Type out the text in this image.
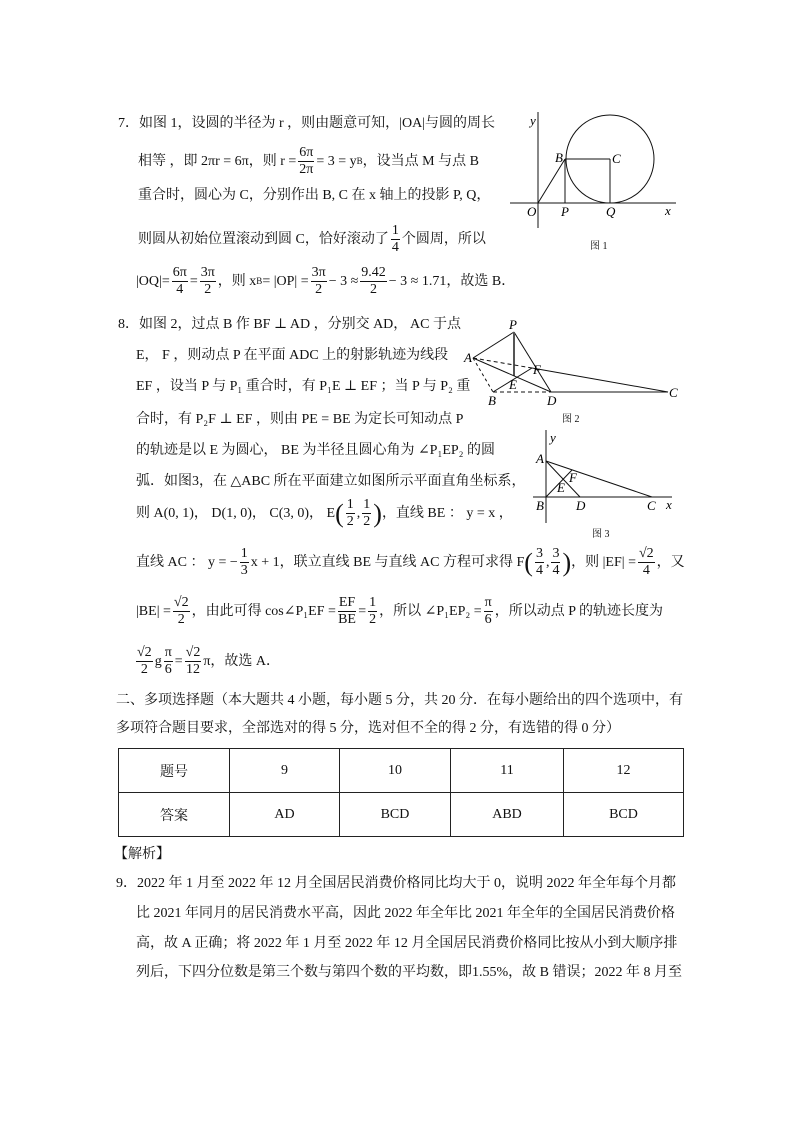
7．如图 1，设圆的半径为 r ，则由题意可知，|OA|与圆的周长
相等 ，即 2πr = 6π，则 $r = \frac{6\pi}{2\pi} = 3 = y$ B ，设当点 M 与点 B
重合时，圆心为 C，分别作出 B, C 在 x 轴上的投影 P, Q，
则圆从初始位置滚动到圆 C，恰好滚动了 $\frac{1}{4}$ 个圆周，所以
$|OQ|= \frac{6\pi}{4} = \frac{3\pi}{2}$ ，则 x $B = |OP| = \frac{3\pi}{2} - 3 \approx \frac{9.42}{2} - 3 \approx 1.71$，故选 B．
y
B	C
O P	Q	x
P
A
F
E
B	D
C
y
A
F
E
B D	C x
图 1
图 2
图 3
8．如图 2，过点 B 作 BF ⊥ AD ，分别交 AD， AC 于点
E， F ，则动点 P 在平面 ADC 上的射影轨迹为线段
EF ，设当 P 与 P₁ 重合时，有 P₁E ⊥ EF ；当 P 与 P₂ 重
合时，有 P₂F ⊥ EF ，则由 PE = BE 为定长可知动点 P
的轨迹是以 E 为圆心， BE 为半径且圆心角为 ∠P₁EP₂ 的圆
弧．如图3，在 △ABC 所在平面建立如图所示平面直角坐标系，
则 A(0, 1)， D(1, 0)， C(3, 0)， E ( $\frac{1}{2}$ , $\frac{1}{2}$ ) ，直线 BE ： y = x ，
直线 AC ： y = − $\frac{1}{3}$ x + 1，联立直线 BE 与直线 AC 方程可求得 F ( $\frac{3}{4}$ , $\frac{3}{4}$ ) ，则 $|EF| = \frac{√2}{4}$ ，又
$|BE| = \frac{√2}{2}$ ，由此可得 cos∠P₁EF = $\frac{EF}{BE} = \frac{1}{2}$ ，所以 ∠P₁EP₂ = $\frac{\pi}{6}$ ，所以动点 P 的轨迹长度为
$\frac{√2}{2}$ g $\frac{\pi}{6} = \frac{√2}{12}$ π，故选 A．
二、多项选择题（本大题共 4 小题，每小题 5 分，共 20 分．在每小题给出的四个选项中，有
多项符合题目要求，全部选对的得 5 分，选对但不全的得 2 分，有选错的得 0 分）
题号	9	10	11	12
答案	AD	BCD	ABD	BCD
【解析】
9．2022 年 1 月至 2022 年 12 月全国居民消费价格同比均大于 0，说明 2022 年全年每个月都
比 2021 年同月的居民消费水平高，因此 2022 年全年比 2021 年全年的全国居民消费价格
高，故 A 正确；将 2022 年 1 月至 2022 年 12 月全国居民消费价格同比按从小到大顺序排
列后，下四分位数是第三个数与第四个数的平均数，即1.55%，故 B 错误；2022 年 8 月至
